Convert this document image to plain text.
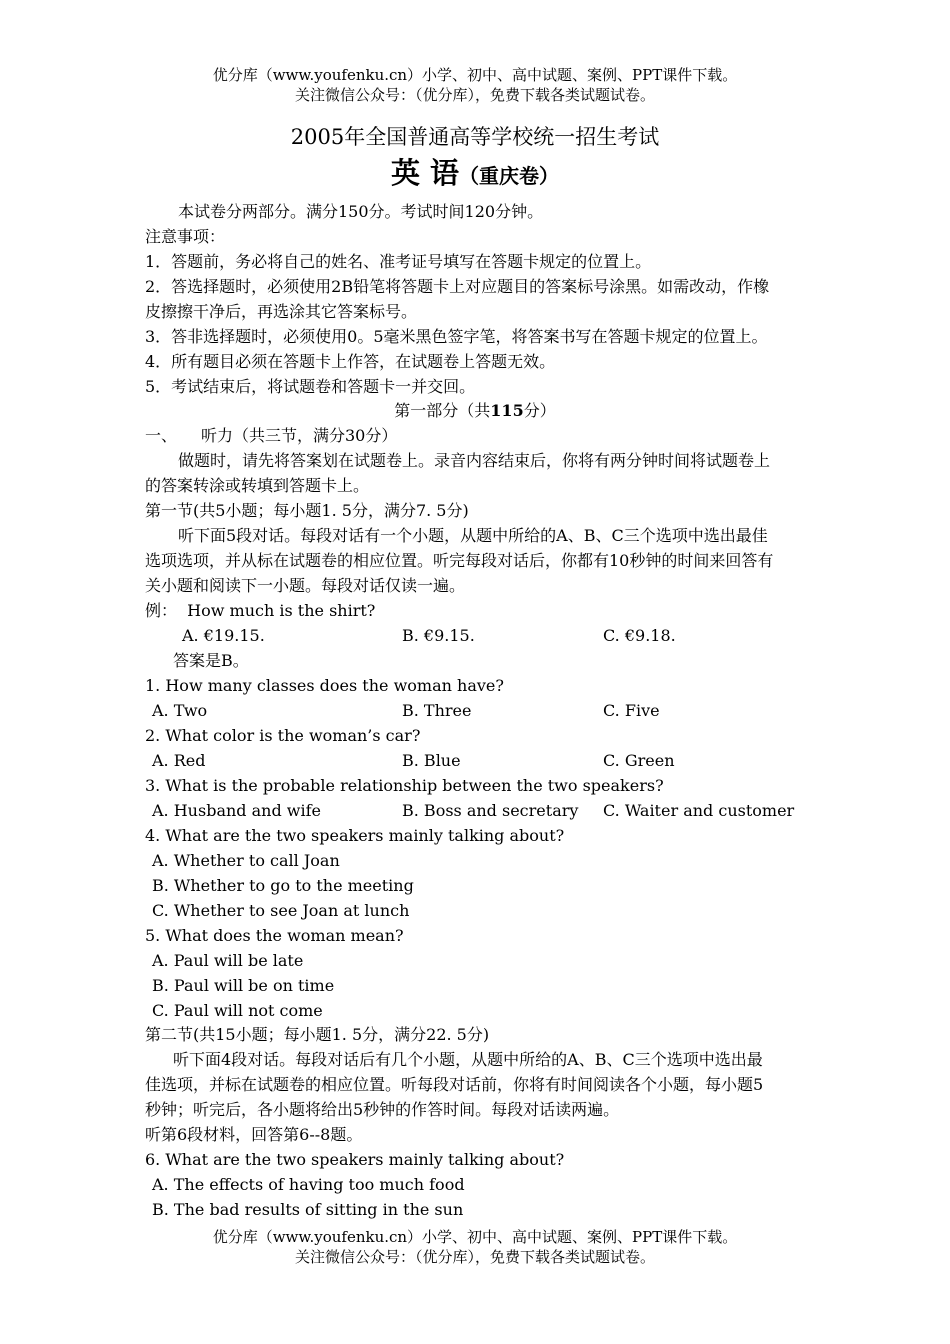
优分库（www.youfenku.cn）小学、初中、高中试题、案例、PPT课件下载。
关注微信公众号：（优分库），免费下载各类试题试卷。
2005年全国普通高等学校统一招生考试
英 语（重庆卷）
本试卷分两部分。满分150分。考试时间120分钟。
注意事项：
1．答题前，务必将自己的姓名、准考证号填写在答题卡规定的位置上。
2．答选择题时，必须使用2B铅笔将答题卡上对应题目的答案标号涂黑。如需改动，作橡
皮擦擦干净后，再选涂其它答案标号。
3．答非选择题时，必须使用0。5毫米黑色签字笔，将答案书写在答题卡规定的位置上。
4．所有题目必须在答题卡上作答，在试题卷上答题无效。
5．考试结束后，将试题卷和答题卡一并交回。
第一部分（共115分）
一、　　听力（共三节，满分30分）
做题时，请先将答案划在试题卷上。录音内容结束后，你将有两分钟时间将试题卷上
的答案转涂或转填到答题卡上。
第一节(共5小题；每小题1. 5分，满分7. 5分)
听下面5段对话。每段对话有一个小题，从题中所给的A、B、C三个选项中选出最佳
选项选项，并从标在试题卷的相应位置。听完每段对话后，你都有10秒钟的时间来回答有
关小题和阅读下一小题。每段对话仅读一遍。
例：  How much is the shirt?
A. €19.15.	B. €9.15.	C. €9.18.
答案是B。
1. How many classes does the woman have?
A. Two	B. Three	C. Five
2. What color is the woman’s car?
A. Red	B. Blue	C. Green
3. What is the probable relationship between the two speakers?
A. Husband and wife	B. Boss and secretary C. Waiter and customer
4. What are the two speakers mainly talking about?
A. Whether to call Joan
B. Whether to go to the meeting
C. Whether to see Joan at lunch
5. What does the woman mean?
A. Paul will be late
B. Paul will be on time
C. Paul will not come
第二节(共15小题；每小题1. 5分，满分22. 5分)
听下面4段对话。每段对话后有几个小题，从题中所给的A、B、C三个选项中选出最
佳选项，并标在试题卷的相应位置。听每段对话前，你将有时间阅读各个小题，每小题5
秒钟；听完后，各小题将给出5秒钟的作答时间。每段对话读两遍。
听第6段材料，回答第6--8题。
6. What are the two speakers mainly talking about?
A. The effects of having too much food
B. The bad results of sitting in the sun
优分库（www.youfenku.cn）小学、初中、高中试题、案例、PPT课件下载。
关注微信公众号：（优分库），免费下载各类试题试卷。
